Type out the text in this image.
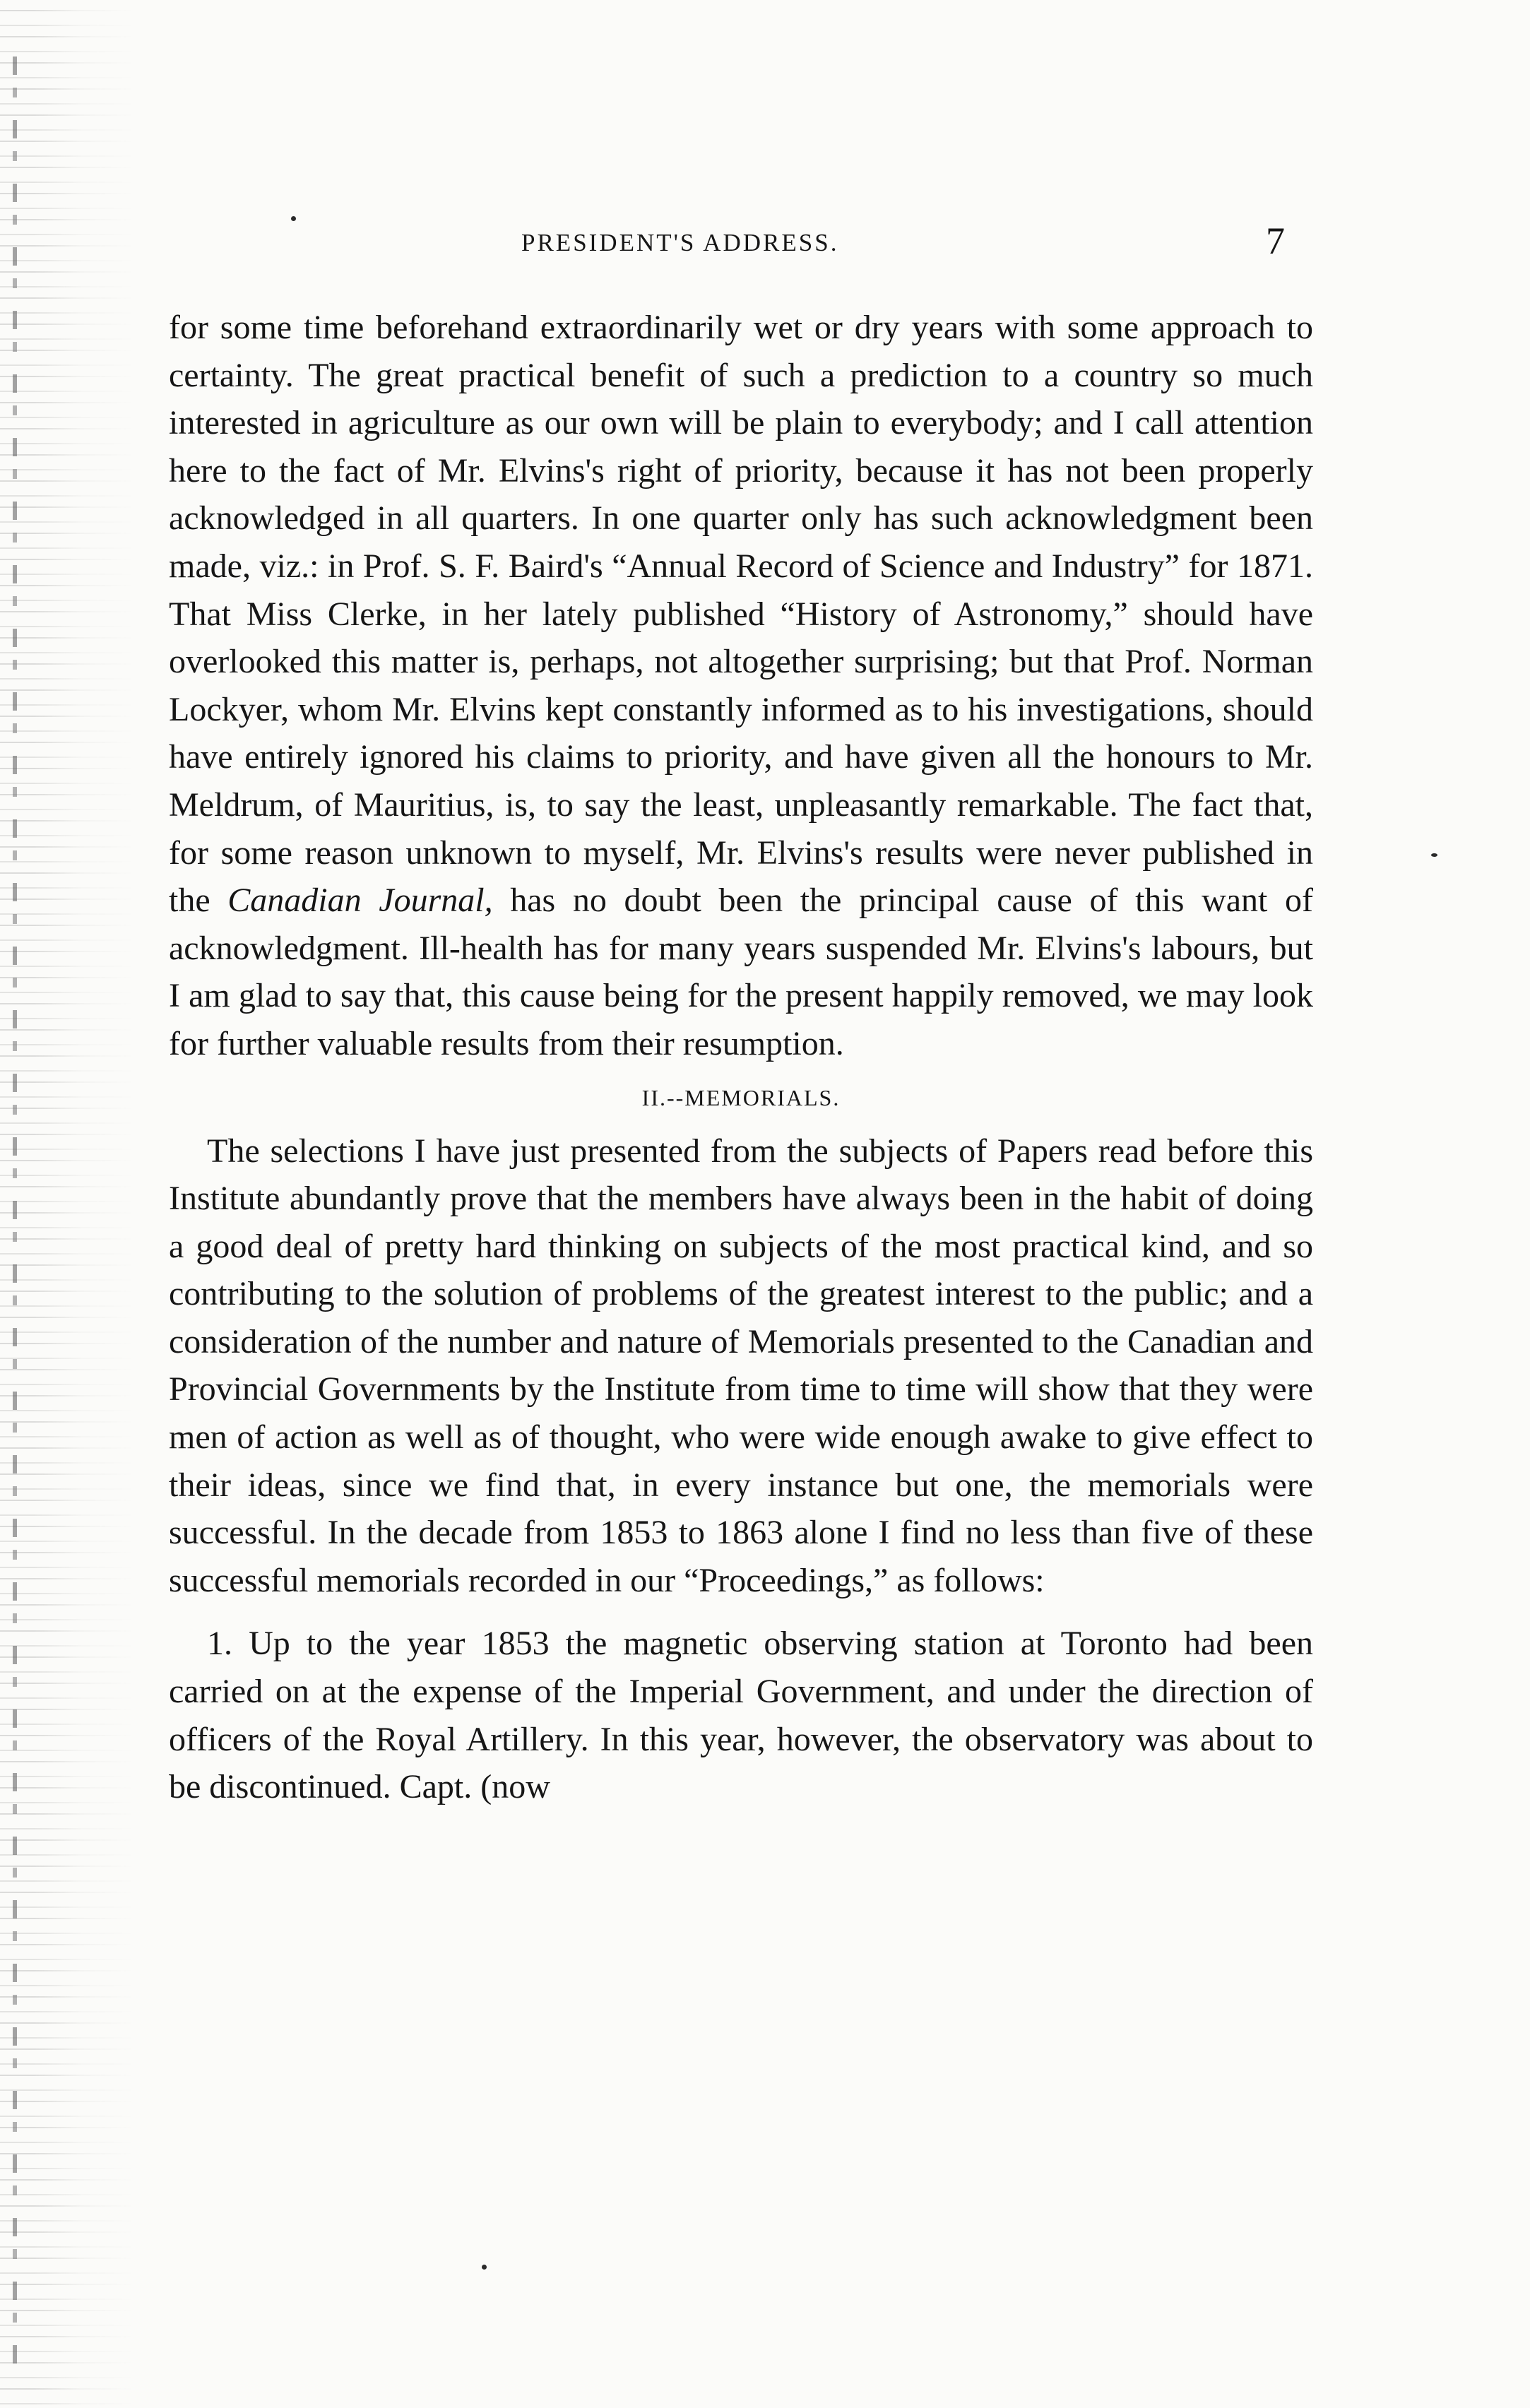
PRESIDENT'S ADDRESS.	7

for some time beforehand extraordinarily wet or dry years with some approach to certainty. The great practical benefit of such a prediction to a country so much interested in agriculture as our own will be plain to everybody; and I call attention here to the fact of Mr. Elvins's right of priority, because it has not been properly acknowledged in all quarters. In one quarter only has such acknowledgment been made, viz.: in Prof. S. F. Baird's “Annual Record of Science and Industry” for 1871. That Miss Clerke, in her lately published “History of Astronomy,” should have overlooked this matter is, perhaps, not altogether surprising; but that Prof. Norman Lockyer, whom Mr. Elvins kept constantly informed as to his investigations, should have entirely ignored his claims to priority, and have given all the honours to Mr. Meldrum, of Mauritius, is, to say the least, unpleasantly remarkable. The fact that, for some reason unknown to myself, Mr. Elvins's results were never published in the Canadian Journal, has no doubt been the principal cause of this want of acknowledgment. Ill-health has for many years suspended Mr. Elvins's labours, but I am glad to say that, this cause being for the present happily removed, we may look for further valuable results from their resumption.

II.--MEMORIALS.

The selections I have just presented from the subjects of Papers read before this Institute abundantly prove that the members have always been in the habit of doing a good deal of pretty hard thinking on subjects of the most practical kind, and so contributing to the solution of problems of the greatest interest to the public; and a consideration of the number and nature of Memorials presented to the Canadian and Provincial Governments by the Institute from time to time will show that they were men of action as well as of thought, who were wide enough awake to give effect to their ideas, since we find that, in every instance but one, the memorials were successful. In the decade from 1853 to 1863 alone I find no less than five of these successful memorials recorded in our “Proceedings,” as follows:

1. Up to the year 1853 the magnetic observing station at Toronto had been carried on at the expense of the Imperial Government, and under the direction of officers of the Royal Artillery. In this year, however, the observatory was about to be discontinued. Capt. (now
